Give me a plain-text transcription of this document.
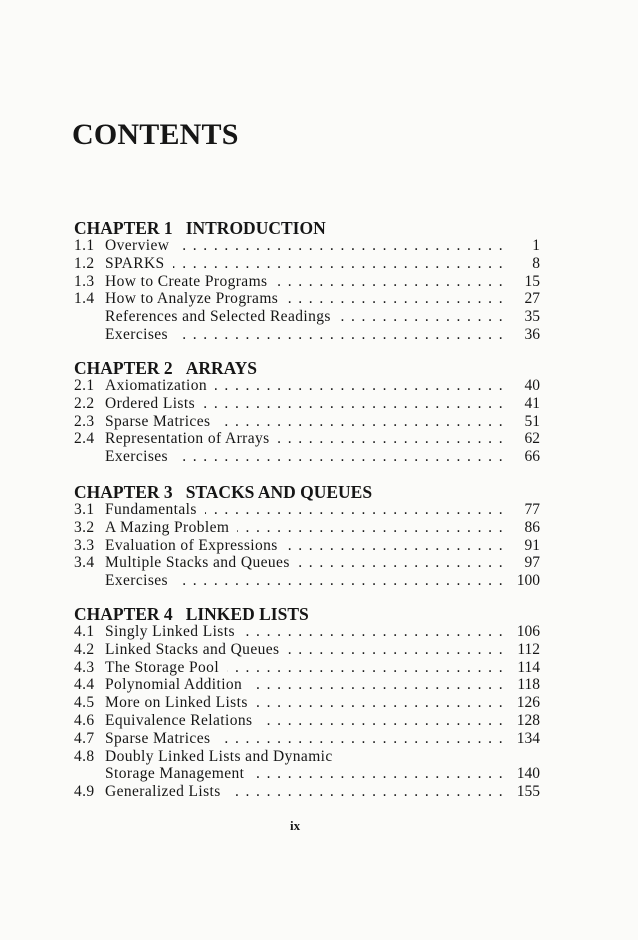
CONTENTS
CHAPTER 1 INTRODUCTION
1.1 Overview . . .	1
1.2 SPARKS . . .	8
1.3 How to Create Programs . . .	15
1.4 How to Analyze Programs . . .	27
References and Selected Readings . . .	35
Exercises . . .	36
CHAPTER 2 ARRAYS
2.1 Axiomatization . . .	40
2.2 Ordered Lists . . .	41
2.3 Sparse Matrices . . .	51
2.4 Representation of Arrays . . .	62
Exercises . . .	66
CHAPTER 3 STACKS AND QUEUES
3.1 Fundamentals . . .	77
3.2 A Mazing Problem . . .	86
3.3 Evaluation of Expressions . . .	91
3.4 Multiple Stacks and Queues . . .	97
Exercises . . .	100
CHAPTER 4 LINKED LISTS
4.1 Singly Linked Lists . . .	106
4.2 Linked Stacks and Queues . . .	112
4.3 The Storage Pool . . .	114
4.4 Polynomial Addition . . .	118
4.5 More on Linked Lists . . .	126
4.6 Equivalence Relations . . .	128
4.7 Sparse Matrices . . .	134
4.8 Doubly Linked Lists and Dynamic
Storage Management . . .	140
4.9 Generalized Lists . . .	155
ix
